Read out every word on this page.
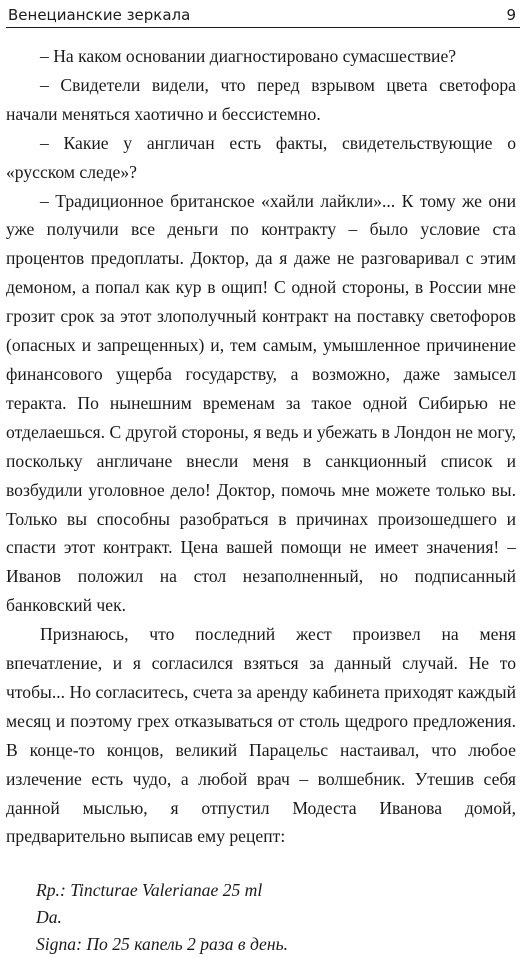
Венецианские зеркала	9

– На каком основании диагностировано сумасшествие?

– Свидетели видели, что перед взрывом цвета светофора начали меняться хаотично и бессистемно.

– Какие у англичан есть факты, свидетельствующие о «русском следе»?

– Традиционное британское «хайли лайкли»... К тому же они уже получили все деньги по контракту – было условие ста процентов предоплаты. Доктор, да я даже не разговаривал с этим демоном, а попал как кур в ощип! С одной стороны, в России мне грозит срок за этот злополучный контракт на поставку светофоров (опасных и запрещенных) и, тем самым, умышленное причинение финансового ущерба государству, а возможно, даже замысел теракта. По нынешним временам за такое одной Сибирью не отделаешься. С другой стороны, я ведь и убежать в Лондон не могу, поскольку англичане внесли меня в санкционный список и возбудили уголовное дело! Доктор, помочь мне можете только вы. Только вы способны разобраться в причинах произошедшего и спасти этот контракт. Цена вашей помощи не имеет значения! – Иванов положил на стол незаполненный, но подписанный банковский чек.

Признаюсь, что последний жест произвел на меня впечатление, и я согласился взяться за данный случай. Не то чтобы... Но согласитесь, счета за аренду кабинета приходят каждый месяц и поэтому грех отказываться от столь щедрого предложения. В конце-то концов, великий Парацельс настаивал, что любое излечение есть чудо, а любой врач – волшебник. Утешив себя данной мыслью, я отпустил Модеста Иванова домой, предварительно выписав ему рецепт:

Rp.: Tincturae Valerianae 25 ml
Da.
Signa: По 25 капель 2 раза в день.
